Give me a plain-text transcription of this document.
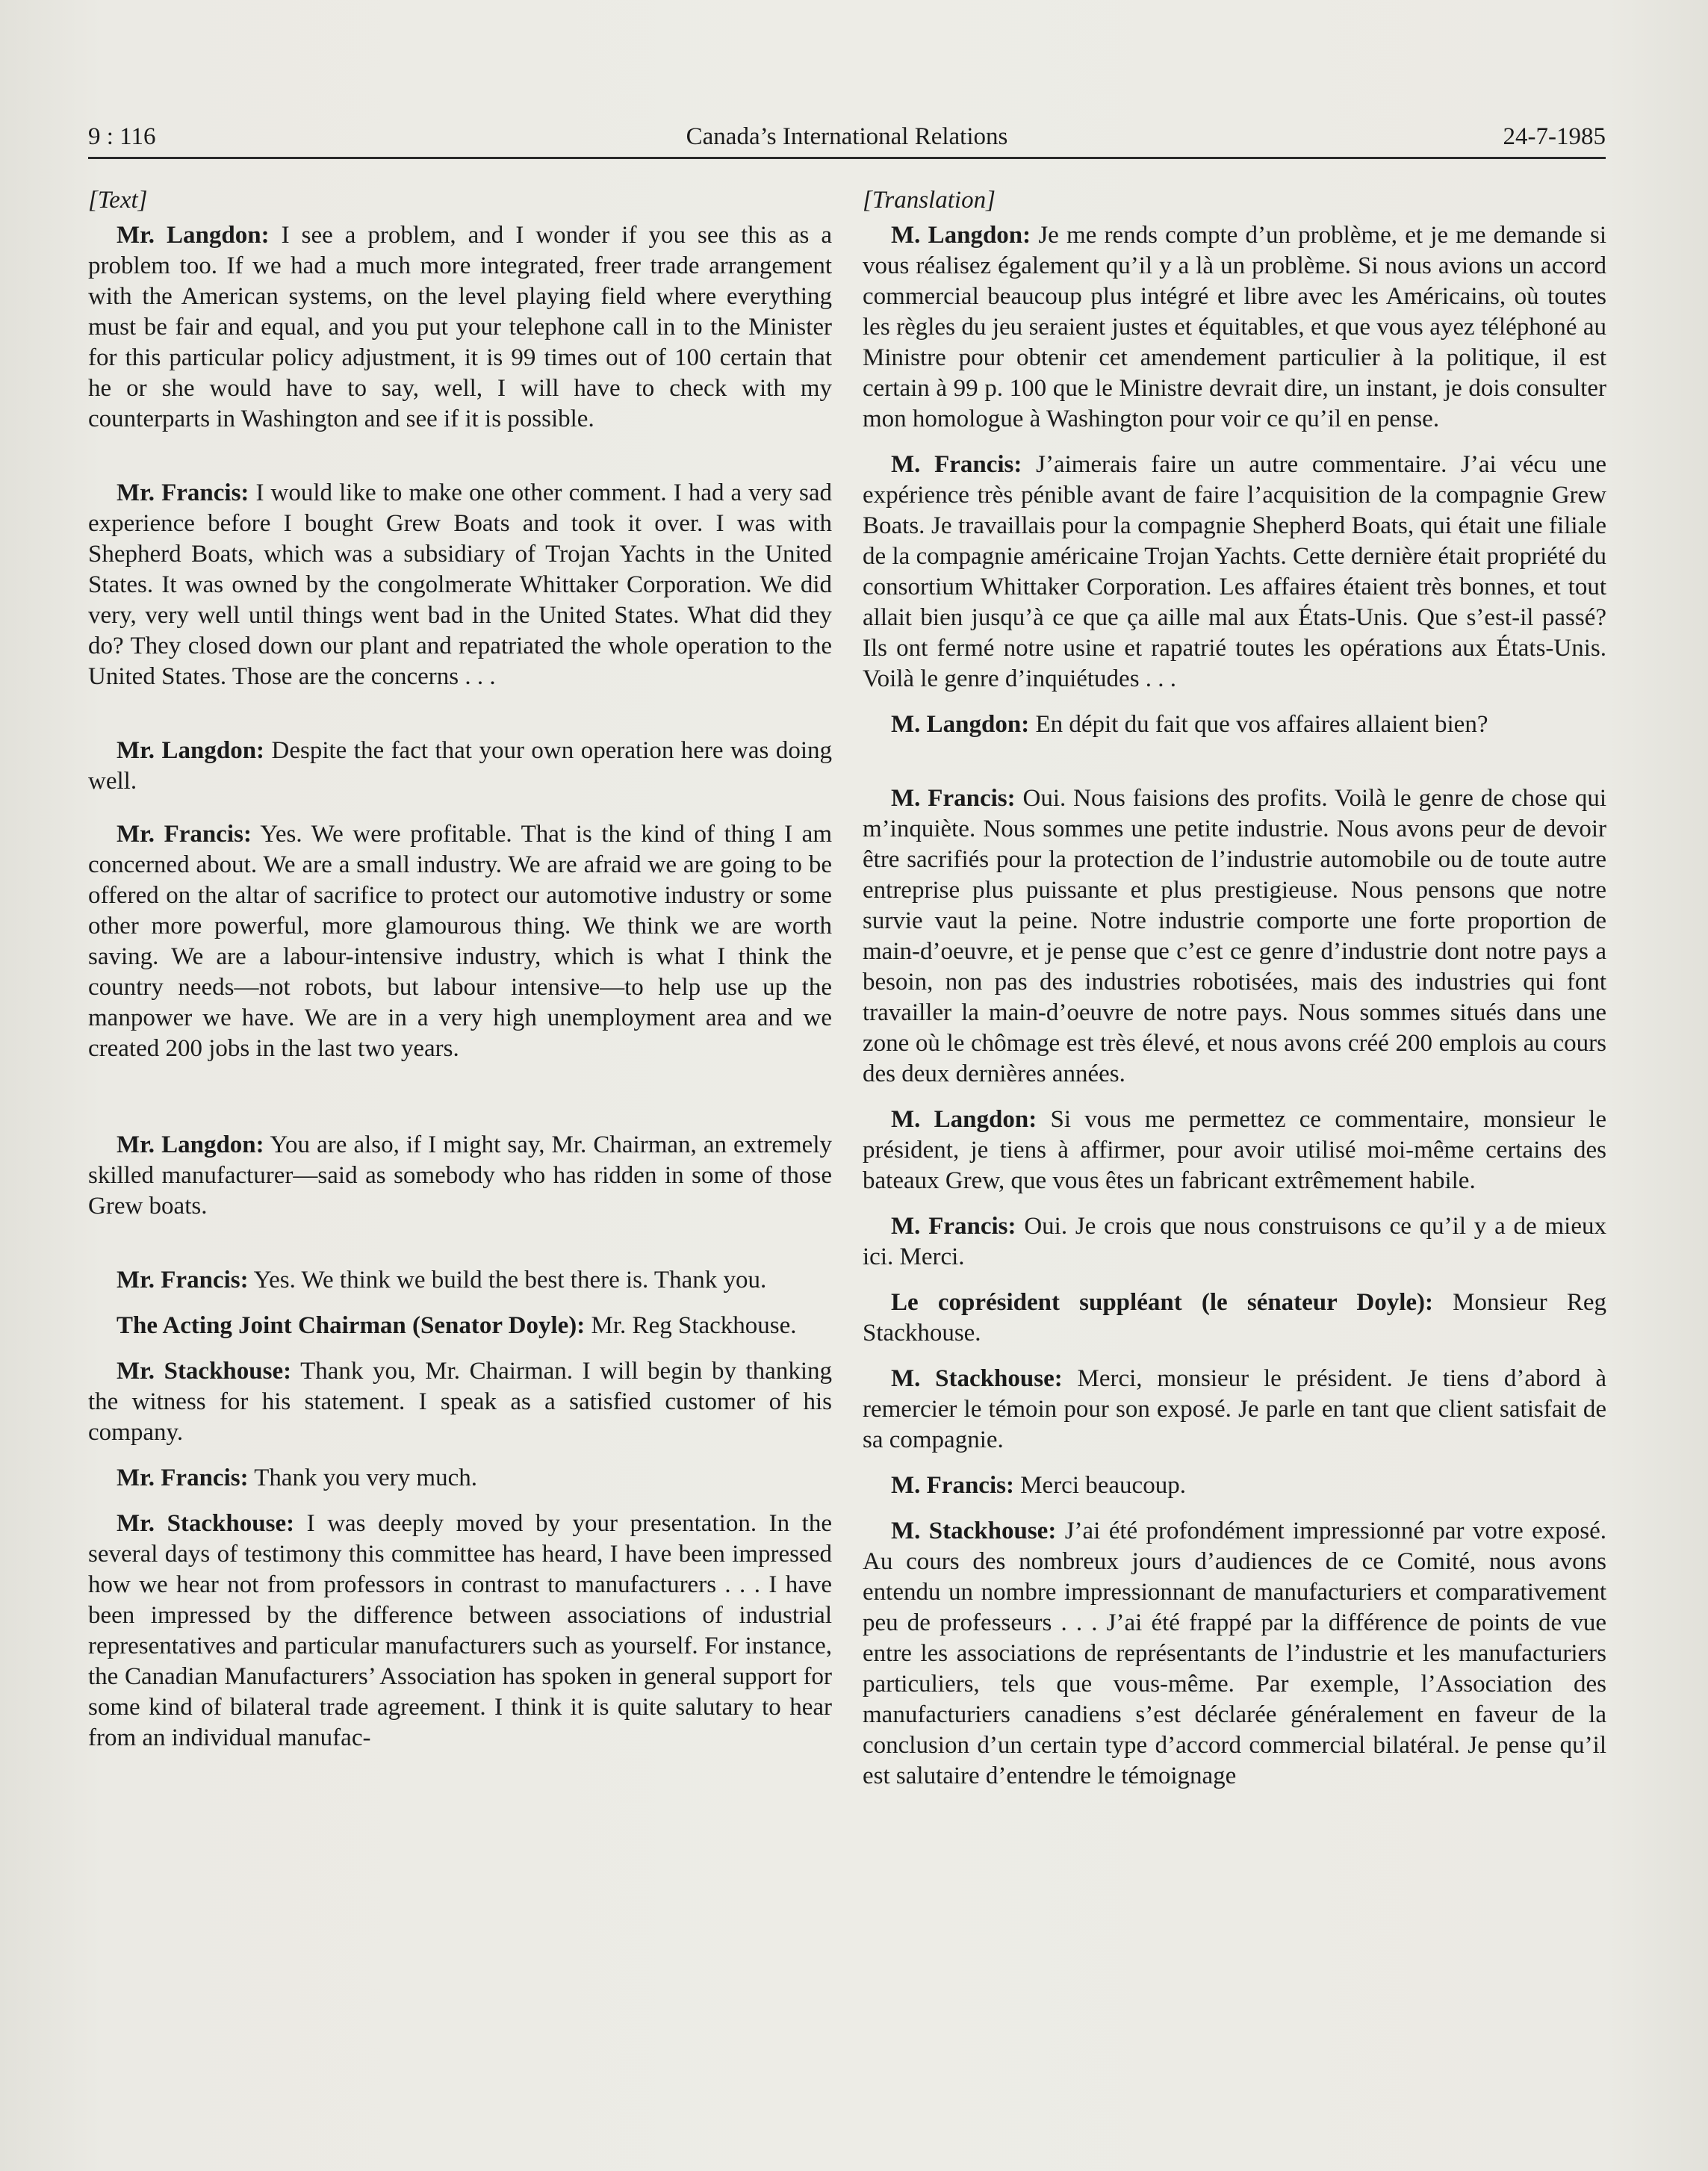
Canada’s International Relations
9 : 116	24-7-1985
[Text]

Mr. Langdon: I see a problem, and I wonder if you see this as a problem too. If we had a much more integrated, freer trade arrangement with the American systems, on the level playing field where everything must be fair and equal, and you put your telephone call in to the Minister for this particular policy adjustment, it is 99 times out of 100 certain that he or she would have to say, well, I will have to check with my counterparts in Washington and see if it is possible.

Mr. Francis: I would like to make one other comment. I had a very sad experience before I bought Grew Boats and took it over. I was with Shepherd Boats, which was a subsidiary of Trojan Yachts in the United States. It was owned by the congolmerate Whittaker Corporation. We did very, very well until things went bad in the United States. What did they do? They closed down our plant and repatriated the whole operation to the United States. Those are the concerns . . .

Mr. Langdon: Despite the fact that your own operation here was doing well.

Mr. Francis: Yes. We were profitable. That is the kind of thing I am concerned about. We are a small industry. We are afraid we are going to be offered on the altar of sacrifice to protect our automotive industry or some other more powerful, more glamourous thing. We think we are worth saving. We are a labour-intensive industry, which is what I think the country needs—not robots, but labour intensive—to help use up the manpower we have. We are in a very high unemployment area and we created 200 jobs in the last two years.

Mr. Langdon: You are also, if I might say, Mr. Chairman, an extremely skilled manufacturer—said as somebody who has ridden in some of those Grew boats.

Mr. Francis: Yes. We think we build the best there is. Thank you.

The Acting Joint Chairman (Senator Doyle): Mr. Reg Stackhouse.

Mr. Stackhouse: Thank you, Mr. Chairman. I will begin by thanking the witness for his statement. I speak as a satisfied customer of his company.

Mr. Francis: Thank you very much.

Mr. Stackhouse: I was deeply moved by your presentation. In the several days of testimony this committee has heard, I have been impressed how we hear not from professors in contrast to manufacturers . . . I have been impressed by the difference between associations of industrial representatives and particular manufacturers such as yourself. For instance, the Canadian Manufacturers’ Association has spoken in general support for some kind of bilateral trade agreement. I think it is quite salutary to hear from an individual manufac-

[Translation]

M. Langdon: Je me rends compte d’un problème, et je me demande si vous réalisez également qu’il y a là un problème. Si nous avions un accord commercial beaucoup plus intégré et libre avec les Américains, où toutes les règles du jeu seraient justes et équitables, et que vous ayez téléphoné au Ministre pour obtenir cet amendement particulier à la politique, il est certain à 99 p. 100 que le Ministre devrait dire, un instant, je dois consulter mon homologue à Washington pour voir ce qu’il en pense.

M. Francis: J’aimerais faire un autre commentaire. J’ai vécu une expérience très pénible avant de faire l’acquisition de la compagnie Grew Boats. Je travaillais pour la compagnie Shepherd Boats, qui était une filiale de la compagnie américaine Trojan Yachts. Cette dernière était propriété du consortium Whittaker Corporation. Les affaires étaient très bonnes, et tout allait bien jusqu’à ce que ça aille mal aux États-Unis. Que s’est-il passé? Ils ont fermé notre usine et rapatrié toutes les opérations aux États-Unis. Voilà le genre d’inquiétudes . . .

M. Langdon: En dépit du fait que vos affaires allaient bien?

M. Francis: Oui. Nous faisions des profits. Voilà le genre de chose qui m’inquiète. Nous sommes une petite industrie. Nous avons peur de devoir être sacrifiés pour la protection de l’industrie automobile ou de toute autre entreprise plus puissante et plus prestigieuse. Nous pensons que notre survie vaut la peine. Notre industrie comporte une forte proportion de main-d’oeuvre, et je pense que c’est ce genre d’industrie dont notre pays a besoin, non pas des industries robotisées, mais des industries qui font travailler la main-d’oeuvre de notre pays. Nous sommes situés dans une zone où le chômage est très élevé, et nous avons créé 200 emplois au cours des deux dernières années.

M. Langdon: Si vous me permettez ce commentaire, monsieur le président, je tiens à affirmer, pour avoir utilisé moi-même certains des bateaux Grew, que vous êtes un fabricant extrêmement habile.

M. Francis: Oui. Je crois que nous construisons ce qu’il y a de mieux ici. Merci.

Le coprésident suppléant (le sénateur Doyle): Monsieur Reg Stackhouse.

M. Stackhouse: Merci, monsieur le président. Je tiens d’abord à remercier le témoin pour son exposé. Je parle en tant que client satisfait de sa compagnie.

M. Francis: Merci beaucoup.

M. Stackhouse: J’ai été profondément impressionné par votre exposé. Au cours des nombreux jours d’audiences de ce Comité, nous avons entendu un nombre impressionnant de manufacturiers et comparativement peu de professeurs . . . J’ai été frappé par la différence de points de vue entre les associations de représentants de l’industrie et les manufacturiers particuliers, tels que vous-même. Par exemple, l’Association des manufacturiers canadiens s’est déclarée généralement en faveur de la conclusion d’un certain type d’accord commercial bilatéral. Je pense qu’il est salutaire d’entendre le témoignage
